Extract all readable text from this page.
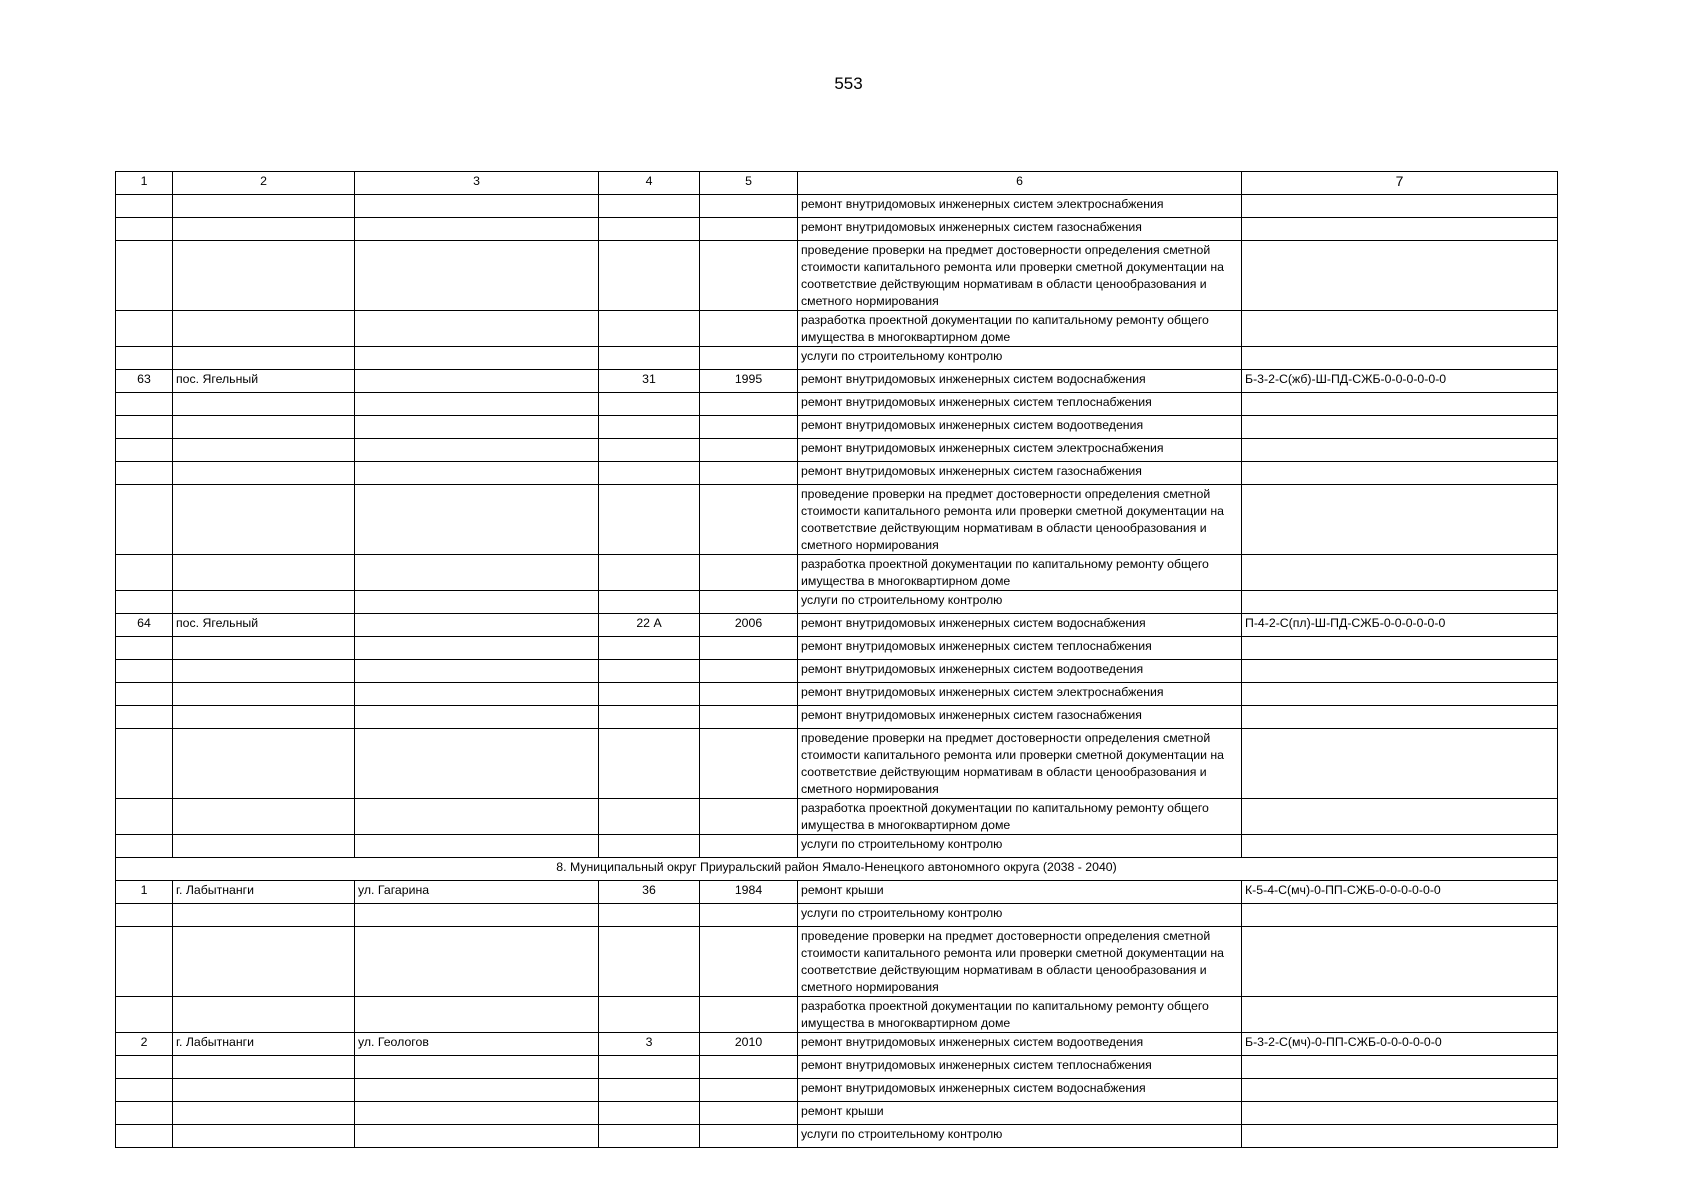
553
1	2	3	4	5	6	7
					ремонт внутридомовых инженерных систем электроснабжения	
					ремонт внутридомовых инженерных систем газоснабжения	
					проведение проверки на предмет достоверности определения сметной стоимости капитального ремонта или проверки сметной документации на соответствие действующим нормативам в области ценообразования и сметного нормирования	
					разработка проектной документации по капитальному ремонту общего имущества в многоквартирном доме	
					услуги по строительному контролю	
63	пос. Ягельный		31	1995	ремонт внутридомовых инженерных систем водоснабжения	Б-3-2-С(жб)-Ш-ПД-СЖБ-0-0-0-0-0-0
					ремонт внутридомовых инженерных систем теплоснабжения	
					ремонт внутридомовых инженерных систем водоотведения	
					ремонт внутридомовых инженерных систем электроснабжения	
					ремонт внутридомовых инженерных систем газоснабжения	
					проведение проверки на предмет достоверности определения сметной стоимости капитального ремонта или проверки сметной документации на соответствие действующим нормативам в области ценообразования и сметного нормирования	
					разработка проектной документации по капитальному ремонту общего имущества в многоквартирном доме	
					услуги по строительному контролю	
64	пос. Ягельный		22 А	2006	ремонт внутридомовых инженерных систем водоснабжения	П-4-2-С(пл)-Ш-ПД-СЖБ-0-0-0-0-0-0
					ремонт внутридомовых инженерных систем теплоснабжения	
					ремонт внутридомовых инженерных систем водоотведения	
					ремонт внутридомовых инженерных систем электроснабжения	
					ремонт внутридомовых инженерных систем газоснабжения	
					проведение проверки на предмет достоверности определения сметной стоимости капитального ремонта или проверки сметной документации на соответствие действующим нормативам в области ценообразования и сметного нормирования	
					разработка проектной документации по капитальному ремонту общего имущества в многоквартирном доме	
					услуги по строительному контролю	
8. Муниципальный округ Приуральский район Ямало-Ненецкого автономного округа (2038 - 2040)						
1	г. Лабытнанги	ул. Гагарина	36	1984	ремонт крыши	К-5-4-С(мч)-0-ПП-СЖБ-0-0-0-0-0-0
					услуги по строительному контролю	
					проведение проверки на предмет достоверности определения сметной стоимости капитального ремонта или проверки сметной документации на соответствие действующим нормативам в области ценообразования и сметного нормирования	
					разработка проектной документации по капитальному ремонту общего имущества в многоквартирном доме	
2	г. Лабытнанги	ул. Геологов	3	2010	ремонт внутридомовых инженерных систем водоотведения	Б-3-2-С(мч)-0-ПП-СЖБ-0-0-0-0-0-0
					ремонт внутридомовых инженерных систем теплоснабжения	
					ремонт внутридомовых инженерных систем водоснабжения	
					ремонт крыши	
					услуги по строительному контролю	
